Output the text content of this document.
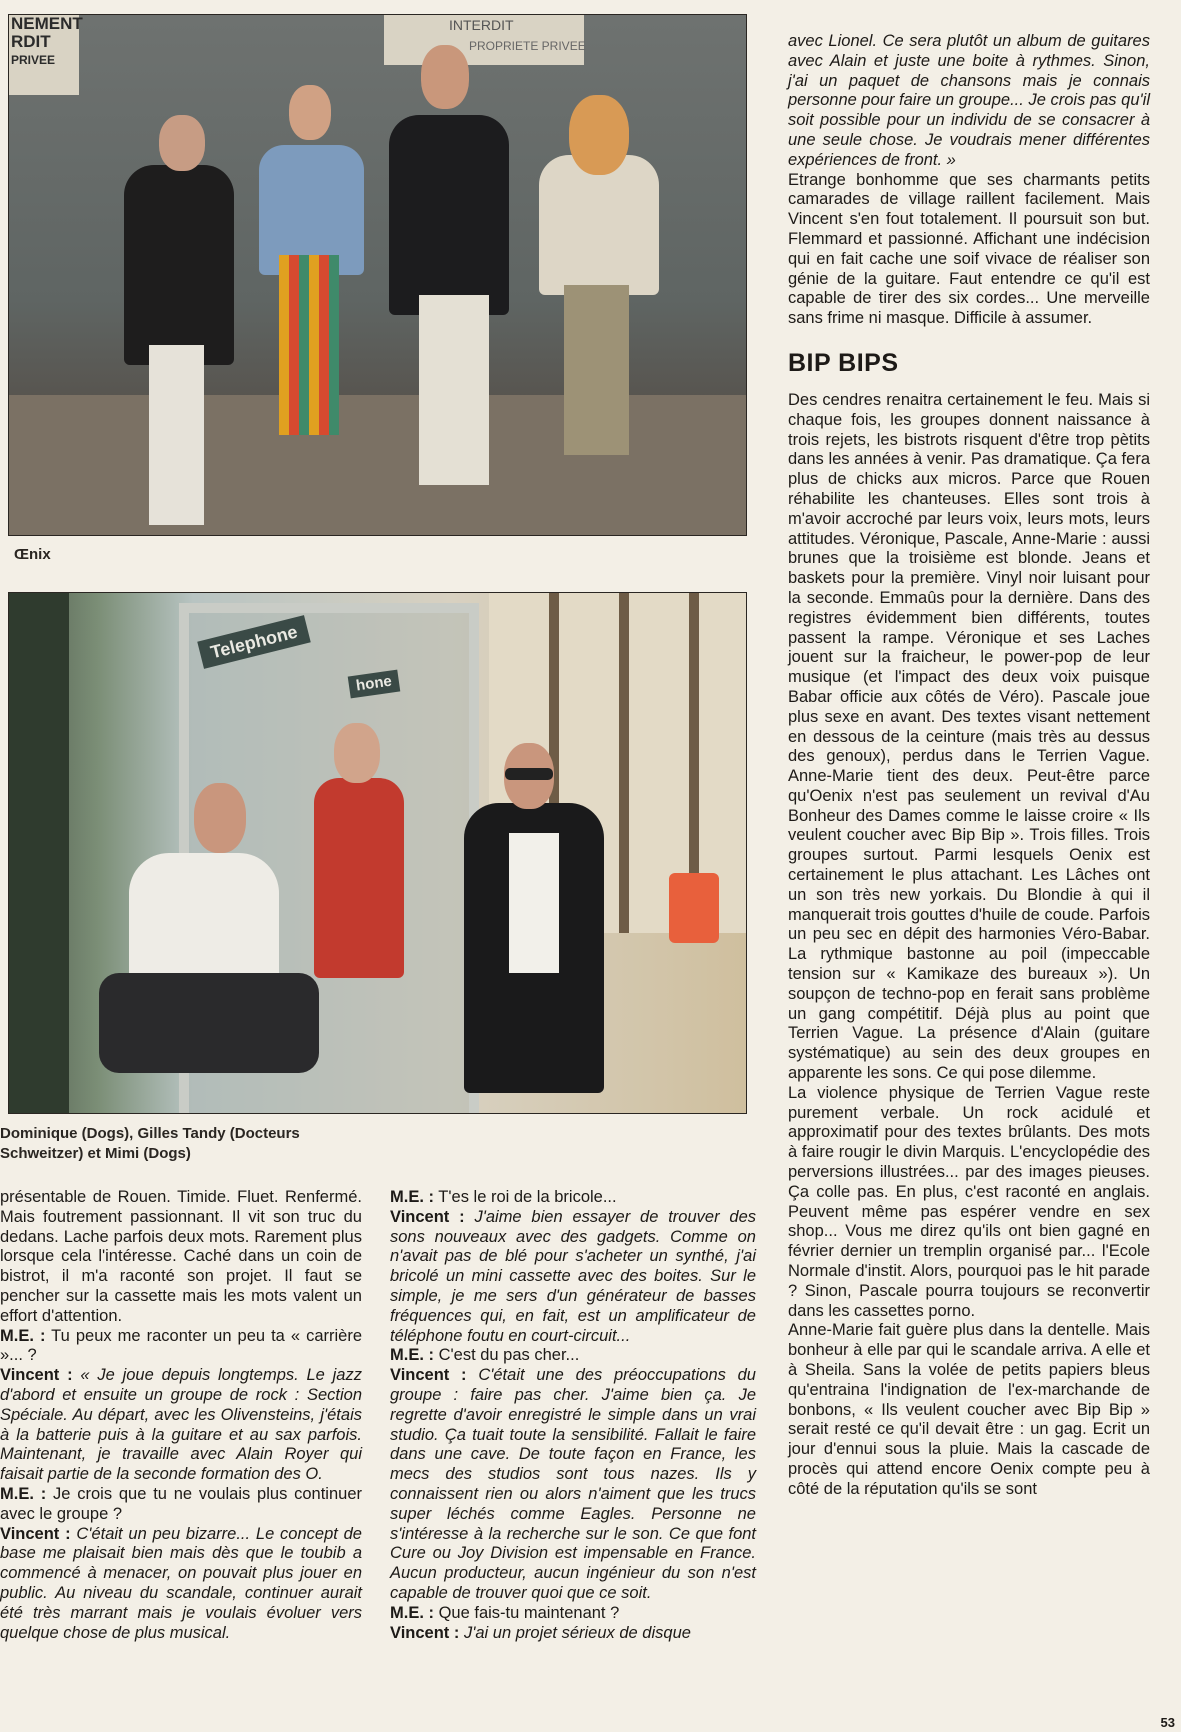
NEMENT
RDIT
PRIVEE
INTERDIT
PROPRIETE PRIVEE
Œnix
Telephone
hone
Dominique (Dogs), Gilles Tandy (Docteurs Schweitzer) et Mimi (Dogs)

présentable de Rouen. Timide. Fluet. Renfermé. Mais foutrement passionnant. Il vit son truc du dedans. Lache parfois deux mots. Rarement plus lorsque cela l'intéresse. Caché dans un coin de bistrot, il m'a raconté son projet. Il faut se pencher sur la cassette mais les mots valent un effort d'attention.

M.E. : Tu peux me raconter un peu ta « carrière »... ?

Vincent : « Je joue depuis longtemps. Le jazz d'abord et ensuite un groupe de rock : Section Spéciale. Au départ, avec les Olivensteins, j'étais à la batterie puis à la guitare et au sax parfois. Maintenant, je travaille avec Alain Royer qui faisait partie de la seconde formation des O.

M.E. : Je crois que tu ne voulais plus continuer avec le groupe ?

Vincent : C'était un peu bizarre... Le concept de base me plaisait bien mais dès que le toubib a commencé à menacer, on pouvait plus jouer en public. Au niveau du scandale, continuer aurait été très marrant mais je voulais évoluer vers quelque chose de plus musical.

M.E. : T'es le roi de la bricole...

Vincent : J'aime bien essayer de trouver des sons nouveaux avec des gadgets. Comme on n'avait pas de blé pour s'acheter un synthé, j'ai bricolé un mini cassette avec des boites. Sur le simple, je me sers d'un générateur de basses fréquences qui, en fait, est un amplificateur de téléphone foutu en court-circuit...

M.E. : C'est du pas cher...

Vincent : C'était une des préoccupations du groupe : faire pas cher. J'aime bien ça. Je regrette d'avoir enregistré le simple dans un vrai studio. Ça tuait toute la sensibilité. Fallait le faire dans une cave. De toute façon en France, les mecs des studios sont tous nazes. Ils y connaissent rien ou alors n'aiment que les trucs super léchés comme Eagles. Personne ne s'intéresse à la recherche sur le son. Ce que font Cure ou Joy Division est impensable en France. Aucun producteur, aucun ingénieur du son n'est capable de trouver quoi que ce soit.

M.E. : Que fais-tu maintenant ?

Vincent : J'ai un projet sérieux de disque

avec Lionel. Ce sera plutôt un album de guitares avec Alain et juste une boite à rythmes. Sinon, j'ai un paquet de chansons mais je connais personne pour faire un groupe... Je crois pas qu'il soit possible pour un individu de se consacrer à une seule chose. Je voudrais mener différentes expériences de front. »

Etrange bonhomme que ses charmants petits camarades de village raillent facilement. Mais Vincent s'en fout totalement. Il poursuit son but. Flemmard et passionné. Affichant une indécision qui en fait cache une soif vivace de réaliser son génie de la guitare. Faut entendre ce qu'il est capable de tirer des six cordes... Une merveille sans frime ni masque. Difficile à assumer.

BIP BIPS

Des cendres renaitra certainement le feu. Mais si chaque fois, les groupes donnent naissance à trois rejets, les bistrots risquent d'être trop pètits dans les années à venir. Pas dramatique. Ça fera plus de chicks aux micros. Parce que Rouen réhabilite les chanteuses. Elles sont trois à m'avoir accroché par leurs voix, leurs mots, leurs attitudes. Véronique, Pascale, Anne-Marie : aussi brunes que la troisième est blonde. Jeans et baskets pour la première. Vinyl noir luisant pour la seconde. Emmaûs pour la dernière. Dans des registres évidemment bien différents, toutes passent la rampe. Véronique et ses Laches jouent sur la fraicheur, le power-pop de leur musique (et l'impact des deux voix puisque Babar officie aux côtés de Véro). Pascale joue plus sexe en avant. Des textes visant nettement en dessous de la ceinture (mais très au dessus des genoux), perdus dans le Terrien Vague. Anne-Marie tient des deux. Peut-être parce qu'Oenix n'est pas seulement un revival d'Au Bonheur des Dames comme le laisse croire « Ils veulent coucher avec Bip Bip ». Trois filles. Trois groupes surtout. Parmi lesquels Oenix est certainement le plus attachant. Les Lâches ont un son très new yorkais. Du Blondie à qui il manquerait trois gouttes d'huile de coude. Parfois un peu sec en dépit des harmonies Véro-Babar. La rythmique bastonne au poil (impeccable tension sur « Kamikaze des bureaux »). Un soupçon de techno-pop en ferait sans problème un gang compétitif. Déjà plus au point que Terrien Vague. La présence d'Alain (guitare systématique) au sein des deux groupes en apparente les sons. Ce qui pose dilemme.

La violence physique de Terrien Vague reste purement verbale. Un rock acidulé et approximatif pour des textes brûlants. Des mots à faire rougir le divin Marquis. L'encyclopédie des perversions illustrées... par des images pieuses. Ça colle pas. En plus, c'est raconté en anglais. Peuvent même pas espérer vendre en sex shop... Vous me direz qu'ils ont bien gagné en février dernier un tremplin organisé par... l'Ecole Normale d'instit. Alors, pourquoi pas le hit parade ? Sinon, Pascale pourra toujours se reconvertir dans les cassettes porno.

Anne-Marie fait guère plus dans la dentelle. Mais bonheur à elle par qui le scandale arriva. A elle et à Sheila. Sans la volée de petits papiers bleus qu'entraina l'indignation de l'ex-marchande de bonbons, « Ils veulent coucher avec Bip Bip » serait resté ce qu'il devait être : un gag. Ecrit un jour d'ennui sous la pluie. Mais la cascade de procès qui attend encore Oenix compte peu à côté de la réputation qu'ils se sont

53
